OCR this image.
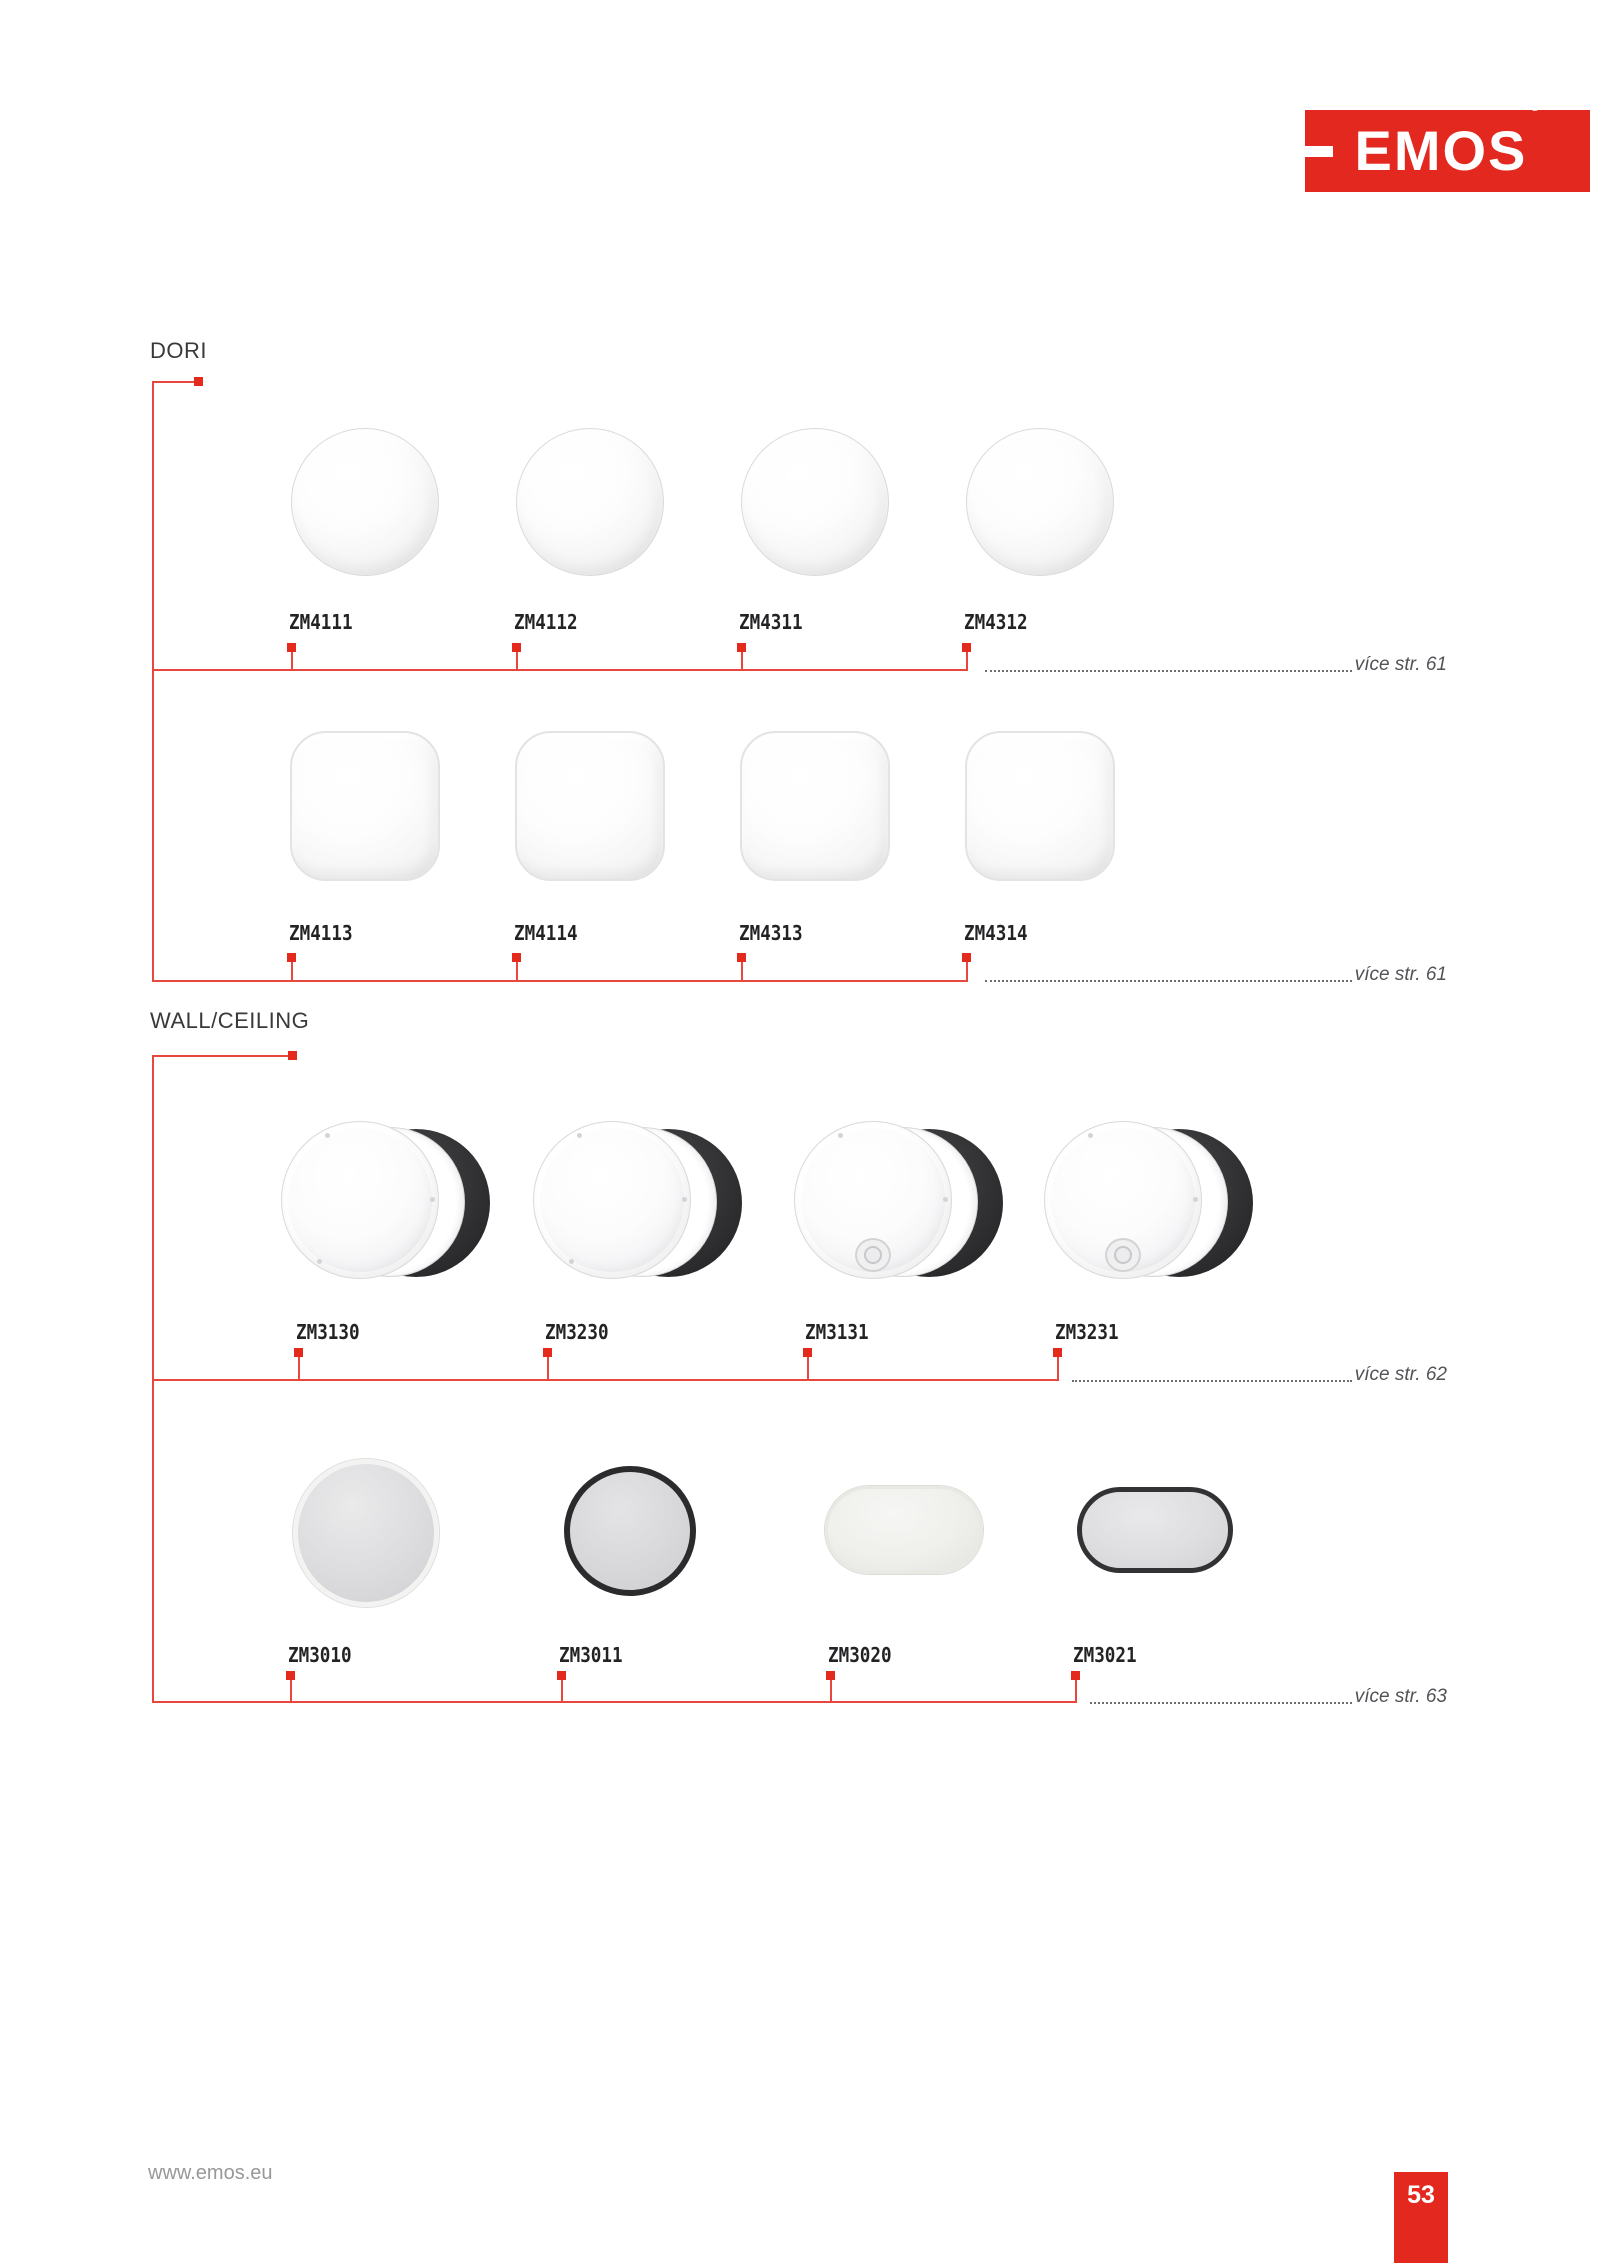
EMOS®
DORI
ZM4111	ZM4112	ZM4311	ZM4312
více str. 61
ZM4113	ZM4114	ZM4313	ZM4314
více str. 61
WALL/CEILING
ZM3130	ZM3230	ZM3131	ZM3231
více str. 62
ZM3010	ZM3011	ZM3020	ZM3021
více str. 63
www.emos.eu
53
